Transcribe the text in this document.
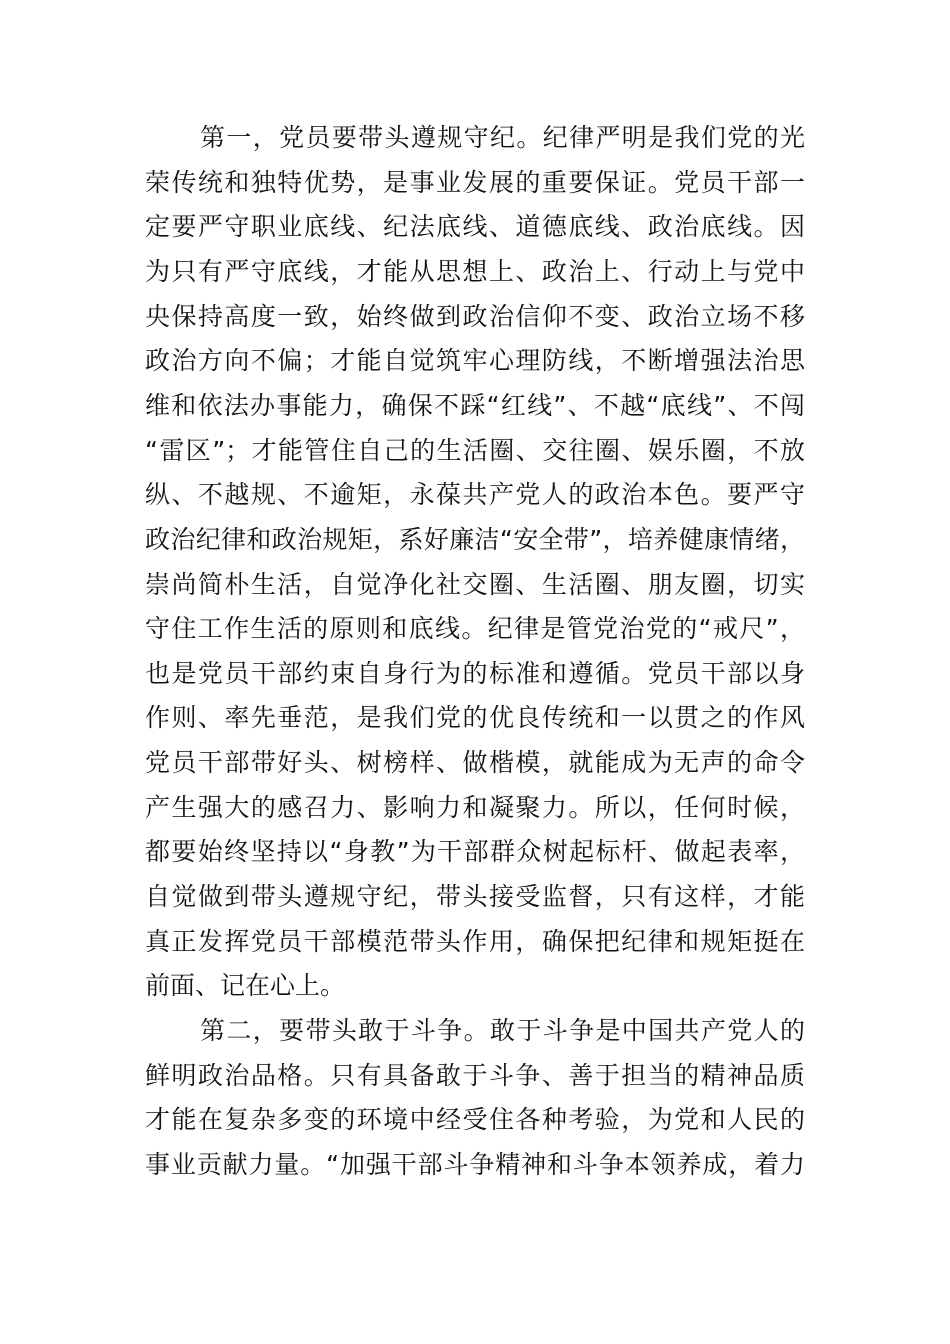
第一，党员要带头遵规守纪。纪律严明是我们党的光
荣传统和独特优势，是事业发展的重要保证。党员干部一
定要严守职业底线、纪法底线、道德底线、政治底线。因
为只有严守底线，才能从思想上、政治上、行动上与党中
央保持高度一致，始终做到政治信仰不变、政治立场不移
政治方向不偏；才能自觉筑牢心理防线，不断增强法治思
维和依法办事能力，确保不踩“红线”、不越“底线”、不闯
“雷区”；才能管住自己的生活圈、交往圈、娱乐圈，不放
纵、不越规、不逾矩，永葆共产党人的政治本色。要严守
政治纪律和政治规矩，系好廉洁“安全带”，培养健康情绪，
崇尚简朴生活，自觉净化社交圈、生活圈、朋友圈，切实
守住工作生活的原则和底线。纪律是管党治党的“戒尺”，
也是党员干部约束自身行为的标准和遵循。党员干部以身
作则、率先垂范，是我们党的优良传统和一以贯之的作风
党员干部带好头、树榜样、做楷模，就能成为无声的命令
产生强大的感召力、影响力和凝聚力。所以，任何时候，
都要始终坚持以“身教”为干部群众树起标杆、做起表率，
自觉做到带头遵规守纪，带头接受监督，只有这样，才能
真正发挥党员干部模范带头作用，确保把纪律和规矩挺在
前面、记在心上。
第二，要带头敢于斗争。敢于斗争是中国共产党人的
鲜明政治品格。只有具备敢于斗争、善于担当的精神品质
才能在复杂多变的环境中经受住各种考验，为党和人民的
事业贡献力量。“加强干部斗争精神和斗争本领养成，着力
